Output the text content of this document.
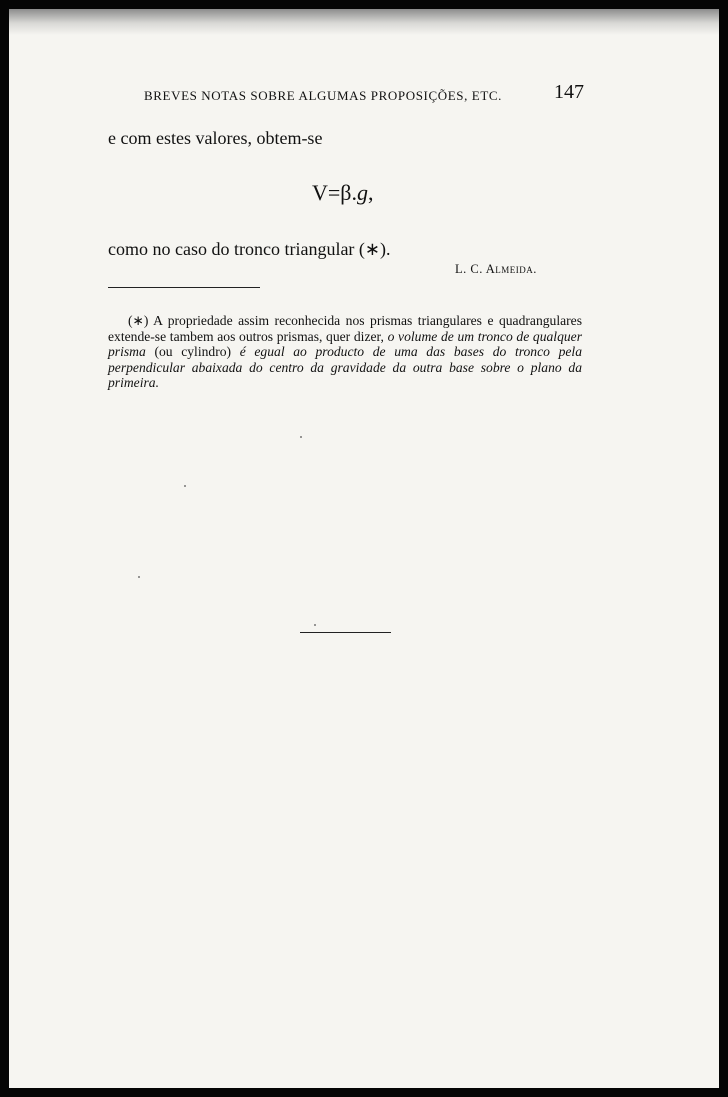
BREVES NOTAS SOBRE ALGUMAS PROPOSIÇÕES, ETC.	147
e com estes valores, obtem-se
V=β.g,
como no caso do tronco triangular (∗).
L. C. Almeida.
(∗) A propriedade assim reconhecida nos prismas triangulares e quadrangulares extende-se tambem aos outros prismas, quer dizer, o volume de um tronco de qualquer prisma (ou cylindro) é egual ao producto de uma das bases do tronco pela perpendicular abaixada do centro da gravidade da outra base sobre o plano da primeira.
